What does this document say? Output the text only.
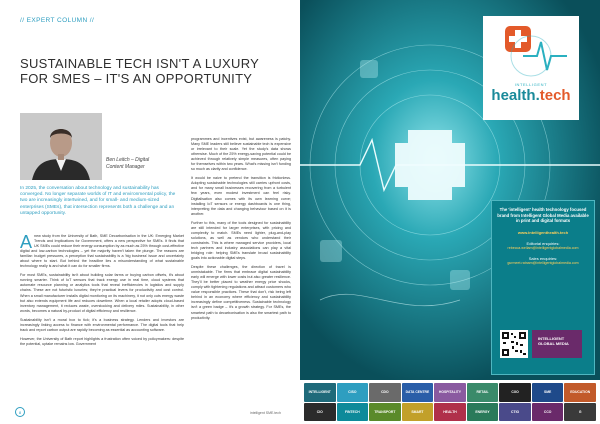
// EXPERT COLUMN //
SUSTAINABLE TECH ISN'T A LUXURY FOR SMES – IT'S AN OPPORTUNITY
Ben Leitch – Digital
Content Manager
In 2025, the conversation about technology and sustainability has converged. No longer separate worlds of IT and environmental policy, the two are increasingly intertwined, and for small- and medium-sized enterprises (SMEs), that intersection represents both a challenge and an untapped opportunity.

Anew study from the University of Bath, SME Decarbonisation in the UK: Emerging Market Trends and Implications for Government, offers a new perspective for SMEs. It finds that UK SMEs could reduce their energy consumption by as much as 25% through cost-effective digital and low-carbon technologies – yet the majority haven't taken the plunge. The reasons are familiar: budget pressures, a perception that sustainability is a 'big business' issue and uncertainty about where to start. But behind the headline lies a misunderstanding of what sustainable technology really is and what it can do for smaller firms.

For most SMEs, sustainability isn't about building solar farms or buying carbon offsets, it's about running smarter. Think of IoT sensors that track energy use in real time, cloud systems that automate resource planning or analytics tools that reveal inefficiencies in logistics and supply chains. These are not futuristic luxuries; they're practical levers for productivity and cost control. When a small manufacturer installs digital monitoring on its machinery, it not only cuts energy waste but also extends equipment life and reduces downtime. When a local retailer adopts cloud-based inventory management, it reduces waste, overstocking and delivery miles. Sustainability, in other words, becomes a natural by-product of digital efficiency and resilience.

Sustainability isn't a moral box to tick; it's a business strategy. Lenders and investors are increasingly linking access to finance with environmental performance. The digital tools that help track and report carbon output are rapidly becoming as essential as accounting software.

However, the University of Bath report highlights a frustration often voiced by policymakers: despite the potential, uptake remains low. Government

programmes and incentives exist, but awareness is patchy. Many SME leaders still believe sustainable tech is expensive or irrelevant to their scale. Yet the study's data shows otherwise. Much of the 25% energy-saving potential could be achieved through relatively simple measures, often paying for themselves within two years. What's missing isn't funding so much as clarity and confidence.

It would be naive to pretend the transition is frictionless. Adopting sustainable technologies still carries upfront costs, and for many small businesses recovering from a turbulent few years, even modest investment can feel risky. Digitalisation also comes with its own learning curve; installing IoT sensors or energy dashboards is one thing, interpreting the data and changing behaviour based on it is another.

Further to this, many of the tools designed for sustainability are still intended for larger enterprises, with pricing and complexity to match. SMEs need lighter, plug-and-play solutions, as well as vendors who understand their constraints. This is where managed service providers, local tech partners and industry associations can play a vital bridging role: helping SMEs translate broad sustainability goals into actionable digital steps.

Despite these challenges, the direction of travel is unmistakable. The firms that embrace digital sustainability early will emerge with lower costs but also greater resilience. They'll be better placed to weather energy price shocks, comply with tightening regulations and attract customers who value responsible practices. These that don't, risk being left behind in an economy where efficiency and sustainability increasingly define competitiveness. Sustainable technology isn't a green badge – it's a growth strategy. For SMEs, the smartest path to decarbonisation is also the smartest path to productivity.

8	intelligent SME.tech
INTELLIGENT
health.tech
The 'intelligent' health technology focused brand from Intelligent Global Media available in print and digital formats
www.intelligenthealth.tech
Editorial enquiries:
rebecca.wellam@intelligentglobalmedia.com
Sales enquiries:
gurmeet.ratnam@intelligentglobalmedia.com
INTELLIGENT
GLOBAL MEDIA
INTELLIGENT	CISO	CDO	DATA CENTRE	HOSPITALITY	RETAIL	CXO	SME	EDUCATION
CIO	FINTECH	TRANSPORT	SMART	HEALTH	ENERGY	CTIO	CCO	G
